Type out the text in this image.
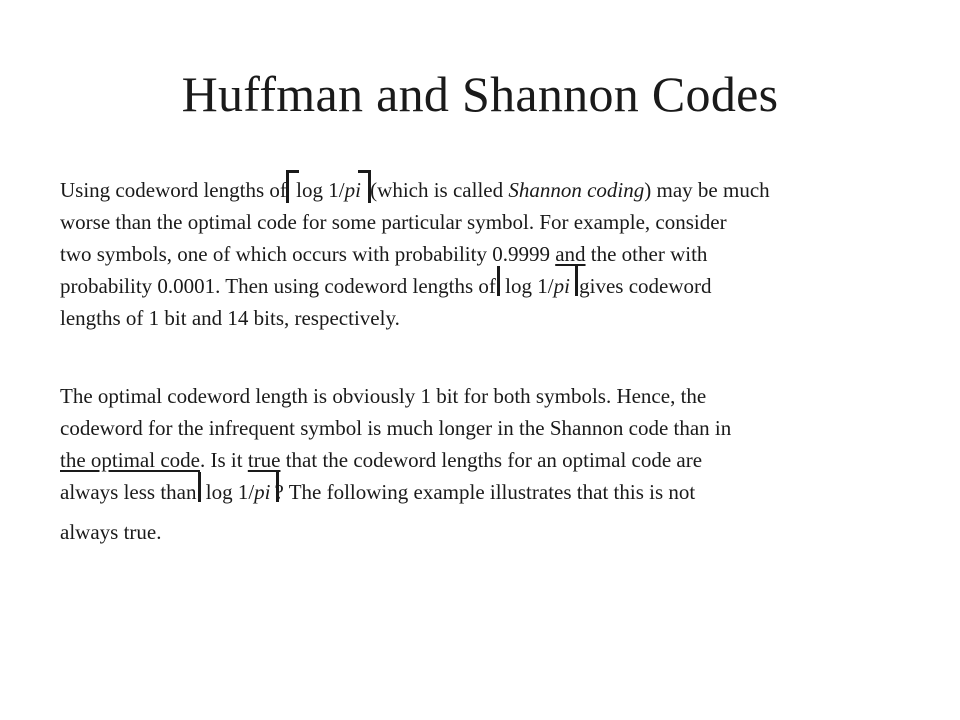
Huffman and Shannon Codes

Using codeword lengths of log 1/pi (which is called Shannon coding) may be much
worse than the optimal code for some particular symbol. For example, consider
two symbols, one of which occurs with probability 0.9999 and the other with
probability 0.0001. Then using codeword lengths of log 1/pi gives codeword
lengths of 1 bit and 14 bits, respectively.

The optimal codeword length is obviously 1 bit for both symbols. Hence, the
codeword for the infrequent symbol is much longer in the Shannon code than in
the optimal code. Is it true that the codeword lengths for an optimal code are
always less than log 1/pi ? The following example illustrates that this is not
always true.
